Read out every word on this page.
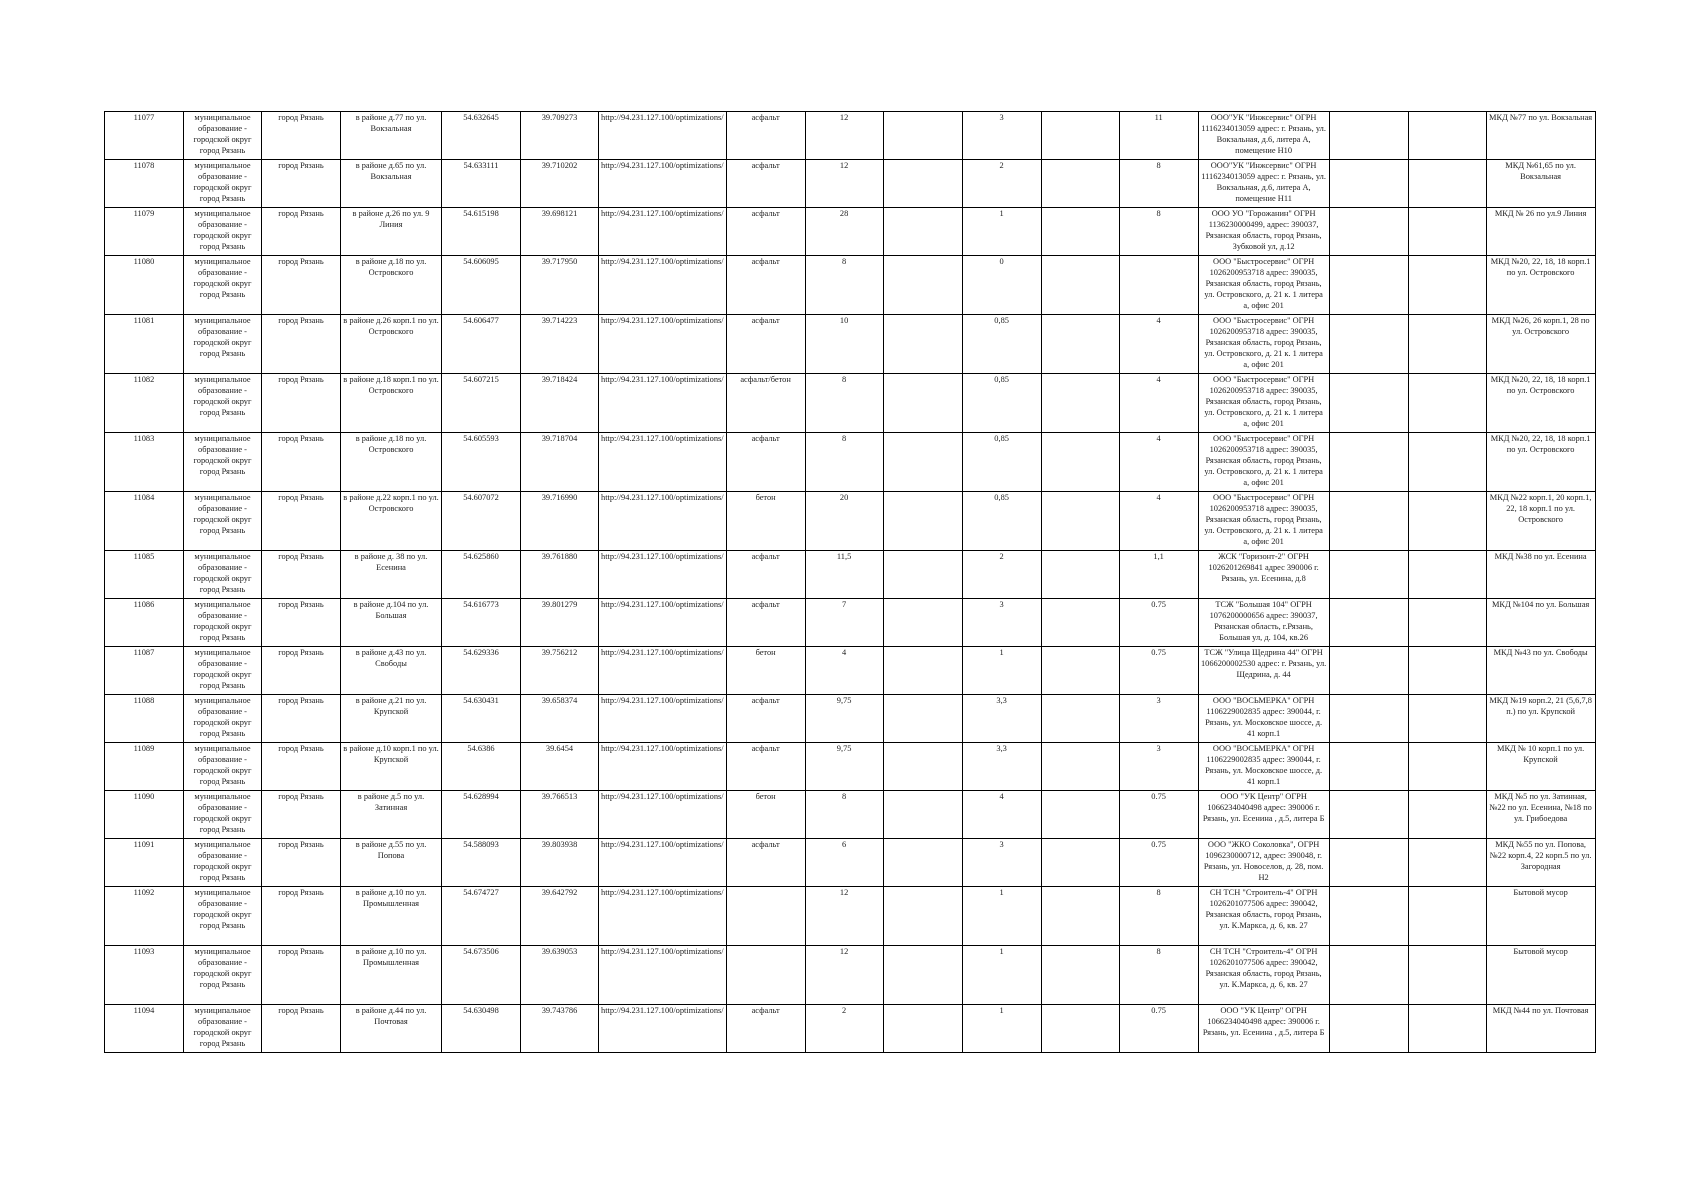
11077	муниципальное образование - городской округ город Рязань	город Рязань	в районе д.77 по ул. Вокзальная	54.632645	39.709273	http://94.231.127.100/optimizations/	асфальт	12		3		11	ООО"УК "Инжсервис" ОГРН 1116234013059 адрес: г. Рязань, ул. Вокзальная, д.6, литера А, помещение Н10			МКД №77 по ул. Вокзальная
11078	муниципальное образование - городской округ город Рязань	город Рязань	в районе д.65 по ул. Вокзальная	54.633111	39.710202	http://94.231.127.100/optimizations/	асфальт	12		2		8	ООО"УК "Инжсервис" ОГРН 1116234013059 адрес: г. Рязань, ул. Вокзальная, д.6, литера А, помещение Н11			МКД №61,65 по ул. Вокзальная
11079	муниципальное образование - городской округ город Рязань	город Рязань	в районе д.26 по ул. 9 Линия	54.615198	39.698121	http://94.231.127.100/optimizations/	асфальт	28		1		8	ООО УО "Горожанин" ОГРН 1136230000499, адрес: 390037, Рязанская область, город Рязань, Зубковой ул, д.12			МКД № 26 по ул.9 Линия
11080	муниципальное образование - городской округ город Рязань	город Рязань	в районе д.18 по ул. Островского	54.606095	39.717950	http://94.231.127.100/optimizations/	асфальт	8		0			ООО "Быстросервис" ОГРН 1026200953718 адрес: 390035, Рязанская область, город Рязань, ул. Островского, д. 21 к. 1 литера а, офис 201			МКД №20, 22, 18, 18 корп.1 по ул. Островского
11081	муниципальное образование - городской округ город Рязань	город Рязань	в районе д.26 корп.1 по ул. Островского	54.606477	39.714223	http://94.231.127.100/optimizations/	асфальт	10		0,85		4	ООО "Быстросервис" ОГРН 1026200953718 адрес: 390035, Рязанская область, город Рязань, ул. Островского, д. 21 к. 1 литера а, офис 201			МКД №26, 26 корп.1, 28 по ул. Островского
11082	муниципальное образование - городской округ город Рязань	город Рязань	в районе д.18 корп.1 по ул. Островского	54.607215	39.718424	http://94.231.127.100/optimizations/	асфальт/бетон	8		0,85		4	ООО "Быстросервис" ОГРН 1026200953718 адрес: 390035, Рязанская область, город Рязань, ул. Островского, д. 21 к. 1 литера а, офис 201			МКД №20, 22, 18, 18 корп.1 по ул. Островского
11083	муниципальное образование - городской округ город Рязань	город Рязань	в районе д.18 по ул. Островского	54.605593	39.718704	http://94.231.127.100/optimizations/	асфальт	8		0,85		4	ООО "Быстросервис" ОГРН 1026200953718 адрес: 390035, Рязанская область, город Рязань, ул. Островского, д. 21 к. 1 литера а, офис 201			МКД №20, 22, 18, 18 корп.1 по ул. Островского
11084	муниципальное образование - городской округ город Рязань	город Рязань	в районе д.22 корп.1 по ул. Островского	54.607072	39.716990	http://94.231.127.100/optimizations/	бетон	20		0,85		4	ООО "Быстросервис" ОГРН 1026200953718 адрес: 390035, Рязанская область, город Рязань, ул. Островского, д. 21 к. 1 литера а, офис 201			МКД №22 корп.1, 20 корп.1, 22, 18 корп.1 по ул. Островского
11085	муниципальное образование - городской округ город Рязань	город Рязань	в районе д. 38 по ул. Есенина	54.625860	39.761880	http://94.231.127.100/optimizations/	асфальт	11,5		2		1,1	ЖСК "Горизонт-2" ОГРН 1026201269841 адрес 390006 г. Рязань, ул. Есенина, д.8			МКД №38 по ул. Есенина
11086	муниципальное образование - городской округ город Рязань	город Рязань	в районе д.104 по ул. Большая	54.616773	39.801279	http://94.231.127.100/optimizations/	асфальт	7		3		0.75	ТСЖ "Большая 104" ОГРН 1076200000656 адрес: 390037, Рязанская область, г.Рязань, Большая ул, д. 104, кв.26			МКД №104 по ул. Большая
11087	муниципальное образование - городской округ город Рязань	город Рязань	в районе д.43 по ул. Свободы	54.629336	39.756212	http://94.231.127.100/optimizations/	бетон	4		1		0.75	ТСЖ "Улица Щедрина 44" ОГРН 1066200002530 адрес: г. Рязань, ул. Щедрина, д. 44			МКД №43 по ул. Свободы
11088	муниципальное образование - городской округ город Рязань	город Рязань	в районе д.21 по ул. Крупской	54.630431	39.658374	http://94.231.127.100/optimizations/	асфальт	9,75		3,3		3	ООО "ВОСЬМЕРКА" ОГРН 1106229002835 адрес: 390044, г. Рязань, ул. Московское шоссе, д. 41 корп.1			МКД №19 корп.2, 21 (5,6,7,8 п.) по ул. Крупской
11089	муниципальное образование - городской округ город Рязань	город Рязань	в районе д.10 корп.1 по ул. Крупской	54.6386	39.6454	http://94.231.127.100/optimizations/	асфальт	9,75		3,3		3	ООО "ВОСЬМЕРКА" ОГРН 1106229002835 адрес: 390044, г. Рязань, ул. Московское шоссе, д. 41 корп.1			МКД № 10 корп.1 по ул. Крупской
11090	муниципальное образование - городской округ город Рязань	город Рязань	в районе д.5 по ул. Затинная	54.628994	39.766513	http://94.231.127.100/optimizations/	бетон	8		4		0.75	ООО "УК Центр" ОГРН 1066234040498 адрес: 390006 г. Рязань, ул. Есенина , д.5, литера Б			МКД №5 по ул. Затинная, №22 по ул. Есенина, №18 по ул. Грибоедова
11091	муниципальное образование - городской округ город Рязань	город Рязань	в районе д.55 по ул. Попова	54.588093	39.803938	http://94.231.127.100/optimizations/	асфальт	6		3		0.75	ООО "ЖКО Соколовка", ОГРН 1096230000712, адрес: 390048, г. Рязань, ул. Новоселов, д. 28, пом. Н2			МКД №55 по ул. Попова, №22 корп.4, 22 корп.5 по ул. Загородная
11092	муниципальное образование - городской округ город Рязань	город Рязань	в районе д.10 по ул. Промышленная	54.674727	39.642792	http://94.231.127.100/optimizations/		12		1		8	СН ТСН "Строитель-4" ОГРН 1026201077506 адрес: 390042, Рязанская область, город Рязань, ул. К.Маркса, д. 6, кв. 27			Бытовой мусор
11093	муниципальное образование - городской округ город Рязань	город Рязань	в районе д.10 по ул. Промышленная	54.673506	39.639053	http://94.231.127.100/optimizations/		12		1		8	СН ТСН "Строитель-4" ОГРН 1026201077506 адрес: 390042, Рязанская область, город Рязань, ул. К.Маркса, д. 6, кв. 27			Бытовой мусор
11094	муниципальное образование - городской округ город Рязань	город Рязань	в районе д.44 по ул. Почтовая	54.630498	39.743786	http://94.231.127.100/optimizations/	асфальт	2		1		0.75	ООО "УК Центр" ОГРН 1066234040498 адрес: 390006 г. Рязань, ул. Есенина , д.5, литера Б			МКД №44 по ул. Почтовая
